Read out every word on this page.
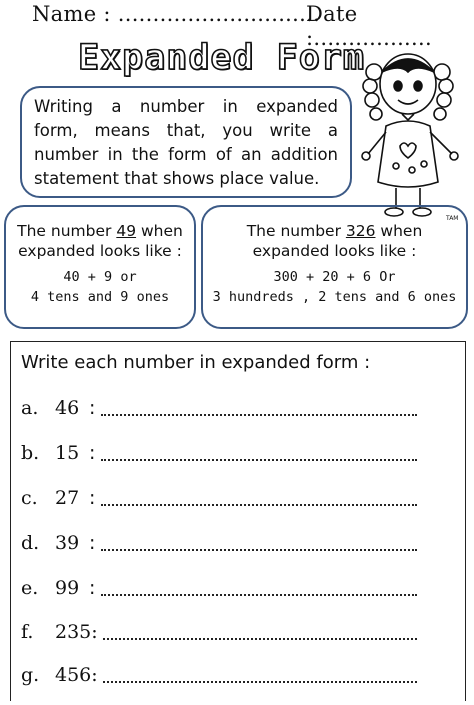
Name : .............................
Date :.................
Expanded Form
Writing a number in expanded
form, means that, you write a
number in the form of an addition
statement that shows place value.
TAM
The number 49 when
expanded looks like :
40 + 9 or
4 tens and 9 ones
The number 326 when
expanded looks like :
300 + 20 + 6 Or
3 hundreds , 2 tens and 6 ones
Write each number in expanded form :
a. 46 :
b. 15 :
c. 27 :
d. 39 :
e. 99 :
f. 235:
g. 456:
